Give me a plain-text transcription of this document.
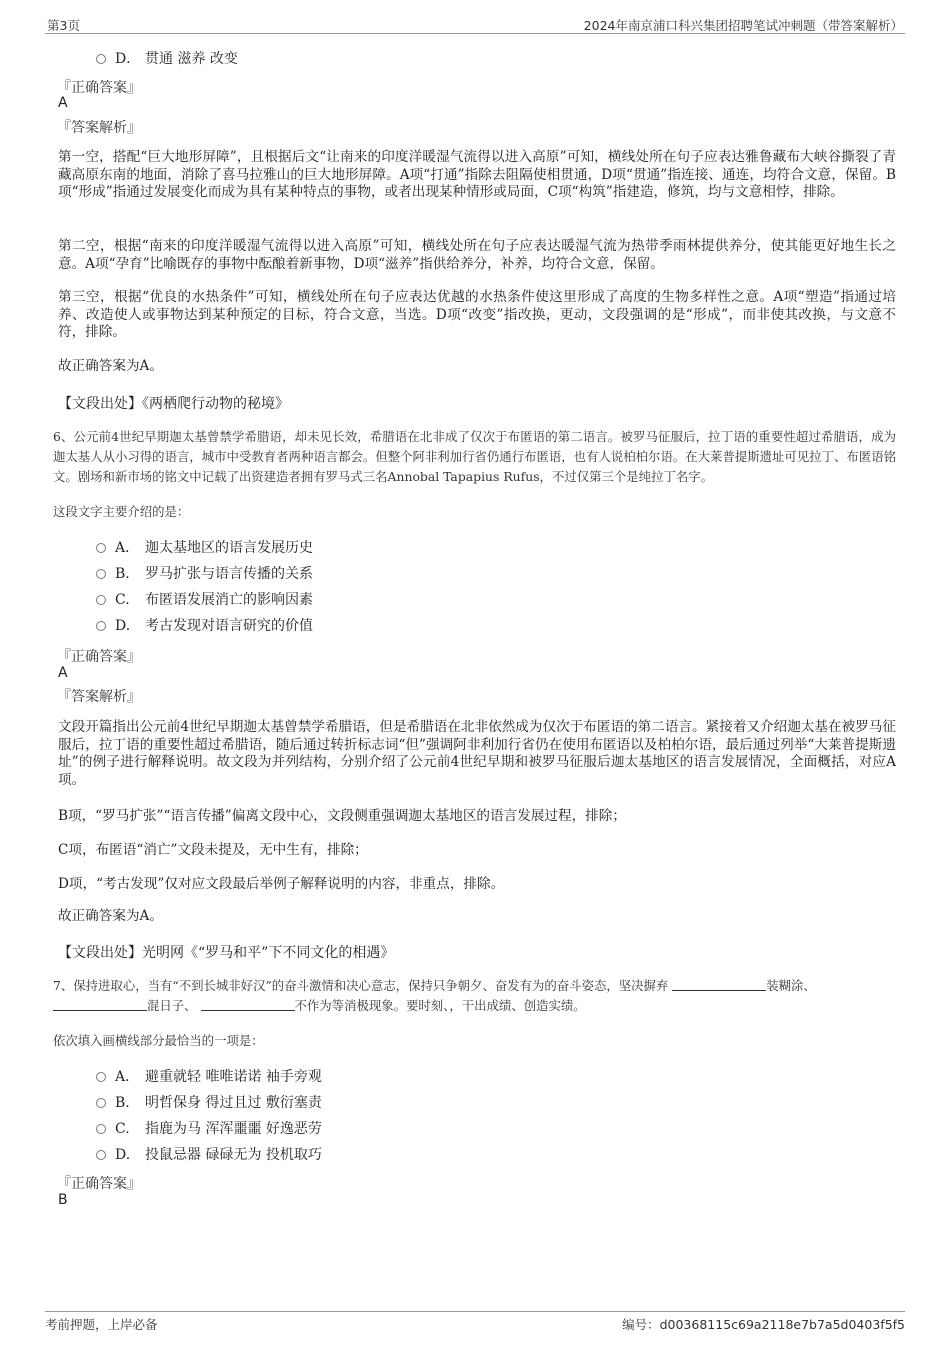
第3页	2024年南京浦口科兴集团招聘笔试冲刺题（带答案解析）
D． 贯通 滋养 改变
『正确答案』
A
『答案解析』
第一空，搭配“巨大地形屏障”，且根据后文“让南来的印度洋暖湿气流得以进入高原”可知，横线处所在句子应表达雅鲁藏布大峡谷撕裂了青藏高原东南的地面，消除了喜马拉雅山的巨大地形屏障。A项“打通”指除去阻隔使相贯通，D项“贯通”指连接、通连，均符合文意，保留。B项“形成”指通过发展变化而成为具有某种特点的事物，或者出现某种情形或局面，C项“构筑”指建造，修筑，均与文意相悖，排除。
第二空，根据“南来的印度洋暖湿气流得以进入高原”可知，横线处所在句子应表达暖湿气流为热带季雨林提供养分，使其能更好地生长之意。A项“孕育”比喻既存的事物中酝酿着新事物，D项“滋养”指供给养分，补养，均符合文意，保留。
第三空，根据“优良的水热条件”可知，横线处所在句子应表达优越的水热条件使这里形成了高度的生物多样性之意。A项“塑造”指通过培养、改造使人或事物达到某种预定的目标，符合文意，当选。D项“改变”指改换，更动，文段强调的是“形成”，而非使其改换，与文意不符，排除。
故正确答案为A。
【文段出处】《两栖爬行动物的秘境》
6、公元前4世纪早期迦太基曾禁学希腊语，却未见长效，希腊语在北非成了仅次于布匿语的第二语言。被罗马征服后，拉丁语的重要性超过希腊语，成为迦太基人从小习得的语言，城市中受教育者两种语言都会。但整个阿非利加行省仍通行布匿语，也有人说柏柏尔语。在大莱普提斯遗址可见拉丁、布匿语铭文。剧场和新市场的铭文中记载了出资建造者拥有罗马式三名Annobal Tapapius Rufus，不过仅第三个是纯拉丁名字。
这段文字主要介绍的是：
A． 迦太基地区的语言发展历史
B. 罗马扩张与语言传播的关系
C. 布匿语发展消亡的影响因素
D. 考古发现对语言研究的价值
『正确答案』
A
『答案解析』
文段开篇指出公元前4世纪早期迦太基曾禁学希腊语，但是希腊语在北非依然成为仅次于布匿语的第二语言。紧接着又介绍迦太基在被罗马征服后，拉丁语的重要性超过希腊语，随后通过转折标志词“但”强调阿非利加行省仍在使用布匿语以及柏柏尔语，最后通过列举“大莱普提斯遗址”的例子进行解释说明。故文段为并列结构，分别介绍了公元前4世纪早期和被罗马征服后迦太基地区的语言发展情况，全面概括，对应A项。
B项，“罗马扩张”“语言传播”偏离文段中心，文段侧重强调迦太基地区的语言发展过程，排除；
C项，布匿语“消亡”文段未提及，无中生有，排除；
D项，“考古发现”仅对应文段最后举例子解释说明的内容，非重点，排除。
故正确答案为A。
【文段出处】光明网《“罗马和平”下不同文化的相遇》
7、保持进取心，当有“不到长城非好汉”的奋斗激情和决心意志，保持只争朝夕、奋发有为的奋斗姿态，坚决摒弃	装糊涂、
混日子、	不作为等消极现象。要时刻、，干出成绩、创造实绩。
依次填入画横线部分最恰当的一项是：
A． 避重就轻 唯唯诺诺 袖手旁观
B. 明哲保身 得过且过 敷衍塞责
C. 指鹿为马 浑浑噩噩 好逸恶劳
D. 投鼠忌器 碌碌无为 投机取巧
『正确答案』
B
考前押题，上岸必备	编号：d00368115c69a2118e7b7a5d0403f5f5
